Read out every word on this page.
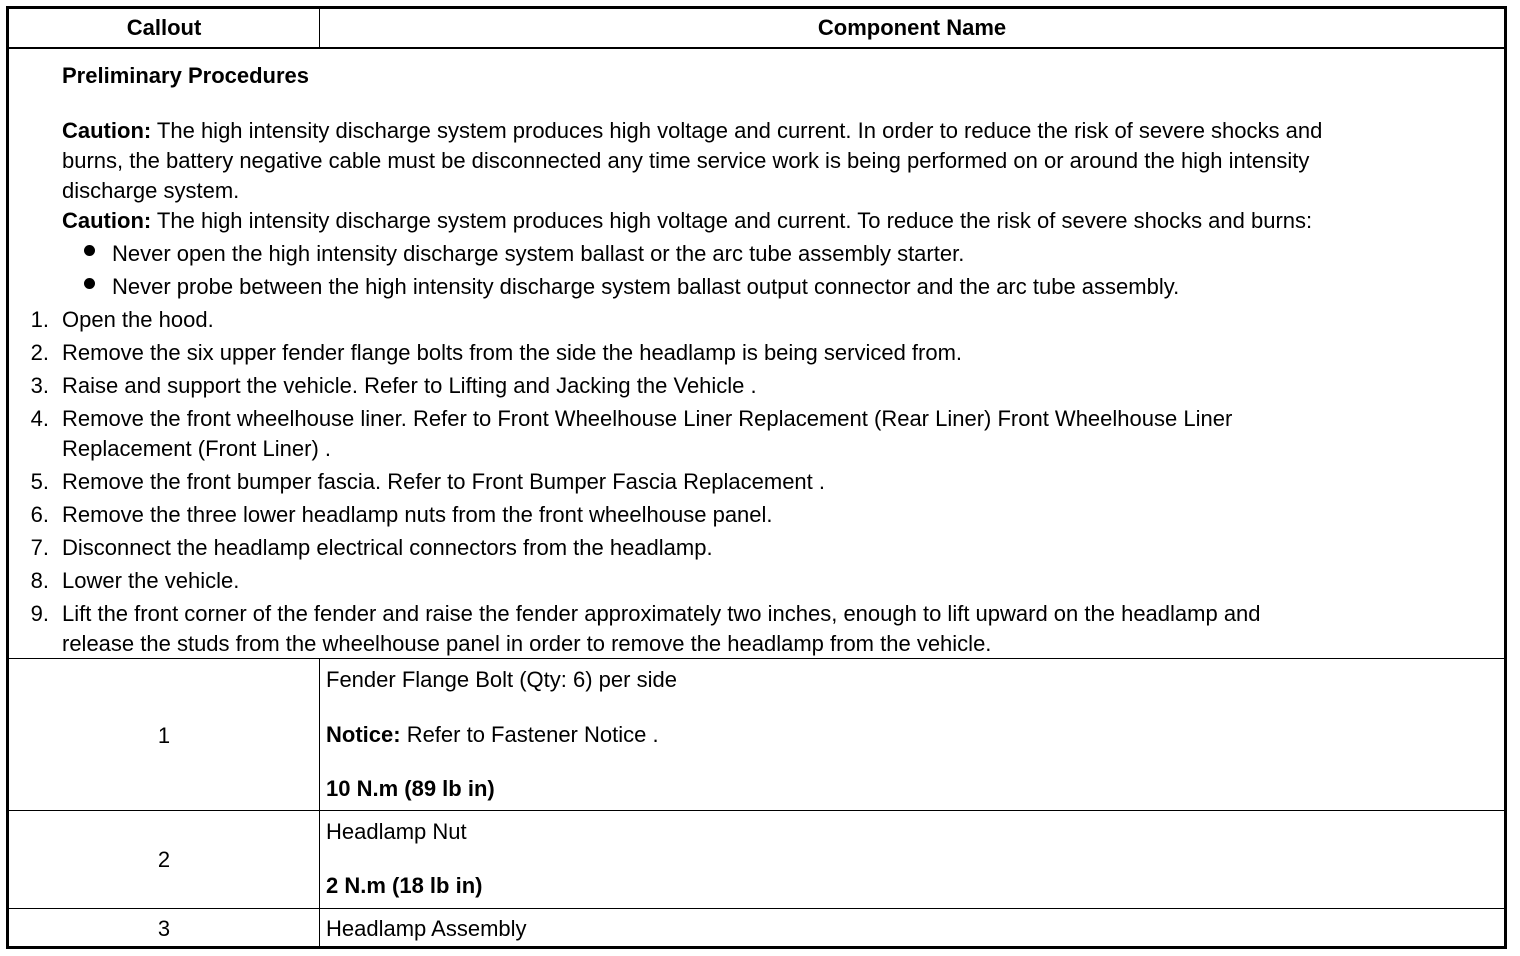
Callout	Component Name
Preliminary Procedures
Caution: The high intensity discharge system produces high voltage and current. In order to reduce the risk of severe shocks and
burns, the battery negative cable must be disconnected any time service work is being performed on or around the high intensity
discharge system.
Caution: The high intensity discharge system produces high voltage and current. To reduce the risk of severe shocks and burns:
Never open the high intensity discharge system ballast or the arc tube assembly starter.
Never probe between the high intensity discharge system ballast output connector and the arc tube assembly.
1. Open the hood.
2. Remove the six upper fender flange bolts from the side the headlamp is being serviced from.
3. Raise and support the vehicle. Refer to Lifting and Jacking the Vehicle .
4. Remove the front wheelhouse liner. Refer to Front Wheelhouse Liner Replacement (Rear Liner) Front Wheelhouse Liner
Replacement (Front Liner) .
5. Remove the front bumper fascia. Refer to Front Bumper Fascia Replacement .
6. Remove the three lower headlamp nuts from the front wheelhouse panel.
7. Disconnect the headlamp electrical connectors from the headlamp.
8. Lower the vehicle.
9. Lift the front corner of the fender and raise the fender approximately two inches, enough to lift upward on the headlamp and
release the studs from the wheelhouse panel in order to remove the headlamp from the vehicle.
1
Fender Flange Bolt (Qty: 6) per side
Notice: Refer to Fastener Notice .
10 N.m (89 lb in)
2
Headlamp Nut
2 N.m (18 lb in)
3	Headlamp Assembly
